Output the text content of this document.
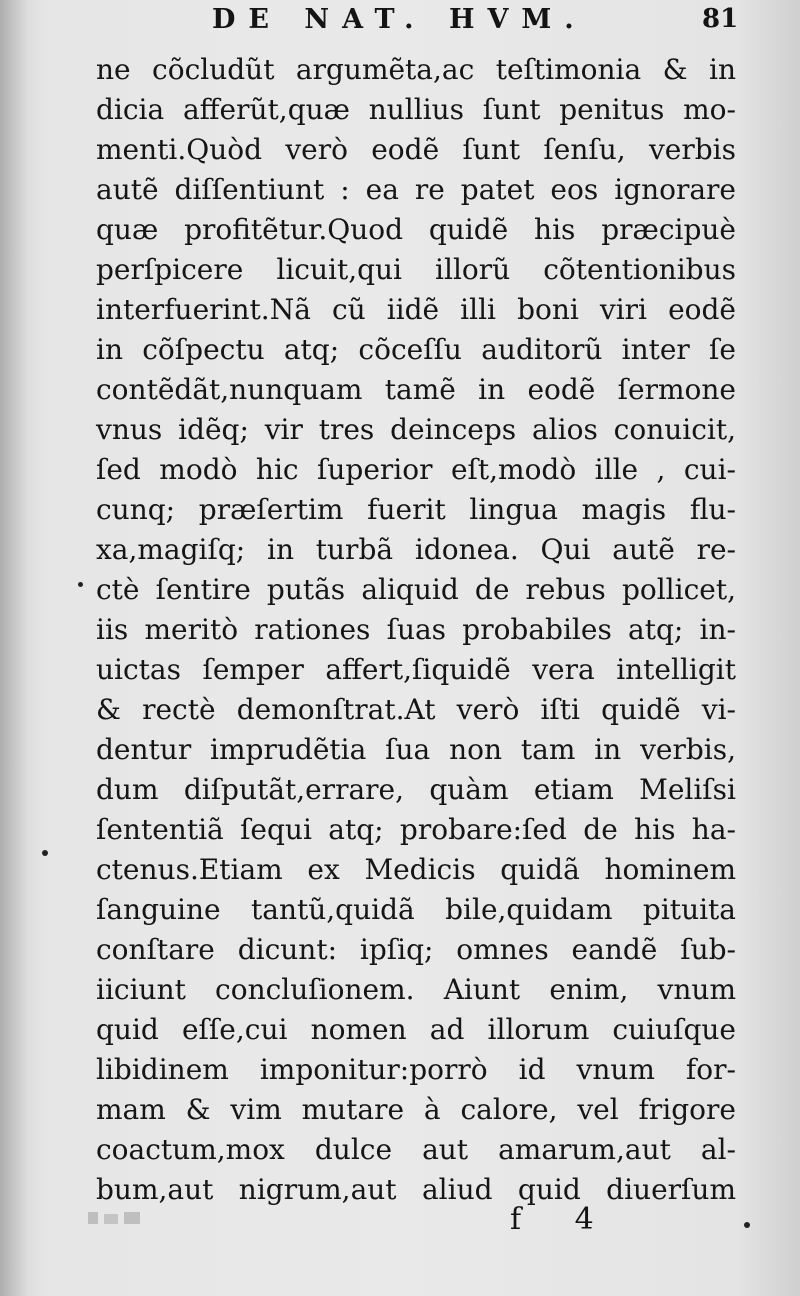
DE NAT. HVM.	81
ne cõcludũt argumẽta,ac teſtimonia & in
dicia afferũt,quæ nullius ſunt penitus mo-
menti.Quòd verò eodẽ ſunt ſenſu, verbis
autẽ diſſentiunt : ea re patet eos ignorare
quæ profitẽtur.Quod quidẽ his præcipuè
perſpicere licuit,qui illorũ cõtentionibus
interfuerint.Nã cũ iidẽ illi boni viri eodẽ
in cõſpectu atq; cõceſſu auditorũ inter ſe
contẽdãt,nunquam tamẽ in eodẽ ſermone
vnus idẽq; vir tres deinceps alios conuicit,
ſed modò hic ſuperior eſt,modò ille , cui-
cunq; præſertim fuerit lingua magis flu-
xa,magiſq; in turbã idonea. Qui autẽ re-
ctè ſentire putãs aliquid de rebus pollicet,
iis meritò rationes ſuas probabiles atq; in-
uictas ſemper affert,ſiquidẽ vera intelligit
& rectè demonſtrat.At verò iſti quidẽ vi-
dentur imprudẽtia ſua non tam in verbis,
dum diſputãt,errare, quàm etiam Meliſsi
ſententiã ſequi atq; probare:ſed de his ha-
ctenus.Etiam ex Medicis quidã hominem
ſanguine tantũ,quidã bile,quidam pituita
conſtare dicunt: ipſiq; omnes eandẽ ſub-
iiciunt concluſionem. Aiunt enim, vnum
quid eſſe,cui nomen ad illorum cuiuſque
libidinem imponitur:porrò id vnum for-
mam & vim mutare à calore, vel frigore
coactum,mox dulce aut amarum,aut al-
bum,aut nigrum,aut aliud quid diuerſum
f 4
